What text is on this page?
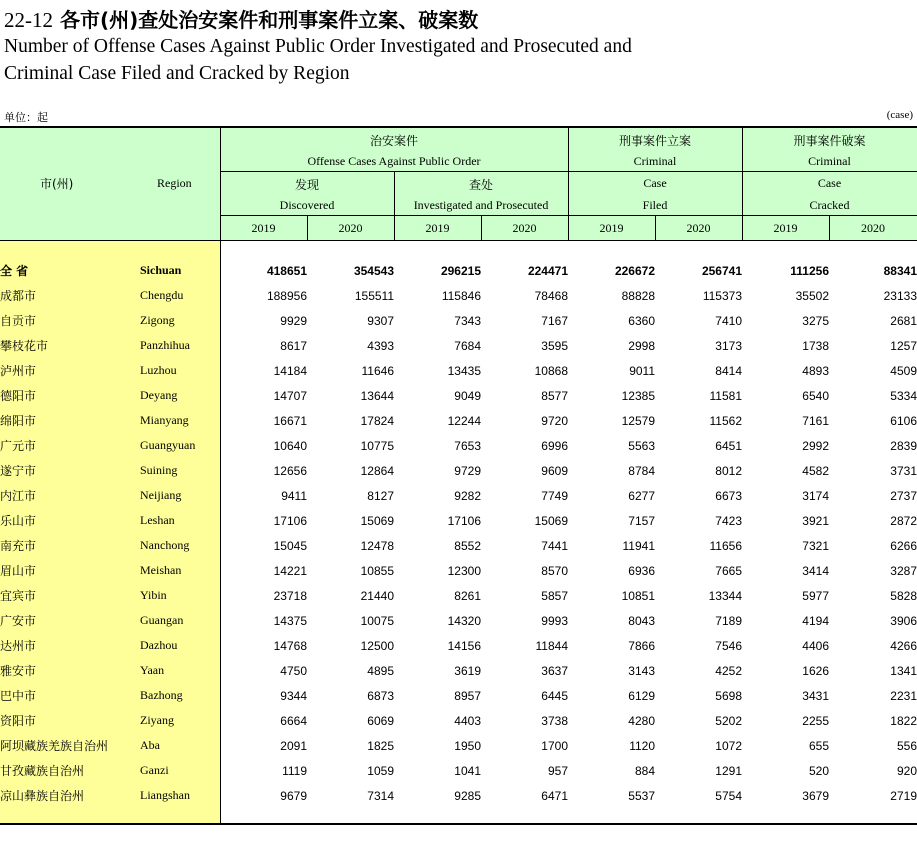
22-12 各市(州)查处治安案件和刑事案件立案、破案数
Number of Offense Cases Against Public Order Investigated and Prosecuted and
Criminal Case Filed and Cracked by Region
单位：起	(case)
市(州)	Region
治安案件
Offense Cases Against Public Order
发现
Discovered
查处
Investigated and Prosecuted
刑事案件立案
Criminal
Case
Filed
刑事案件破案
Criminal
Case
Cracked
2019	2020	2019	2020	2019	2020	2019	2020
全 省	Sichuan	418651	354543	296215	224471	226672	256741	111256	88341
成都市	Chengdu	188956	155511	115846	78468	88828	115373	35502	23133
自贡市	Zigong	9929	9307	7343	7167	6360	7410	3275	2681
攀枝花市	Panzhihua	8617	4393	7684	3595	2998	3173	1738	1257
泸州市	Luzhou	14184	11646	13435	10868	9011	8414	4893	4509
德阳市	Deyang	14707	13644	9049	8577	12385	11581	6540	5334
绵阳市	Mianyang	16671	17824	12244	9720	12579	11562	7161	6106
广元市	Guangyuan	10640	10775	7653	6996	5563	6451	2992	2839
遂宁市	Suining	12656	12864	9729	9609	8784	8012	4582	3731
内江市	Neijiang	9411	8127	9282	7749	6277	6673	3174	2737
乐山市	Leshan	17106	15069	17106	15069	7157	7423	3921	2872
南充市	Nanchong	15045	12478	8552	7441	11941	11656	7321	6266
眉山市	Meishan	14221	10855	12300	8570	6936	7665	3414	3287
宜宾市	Yibin	23718	21440	8261	5857	10851	13344	5977	5828
广安市	Guangan	14375	10075	14320	9993	8043	7189	4194	3906
达州市	Dazhou	14768	12500	14156	11844	7866	7546	4406	4266
雅安市	Yaan	4750	4895	3619	3637	3143	4252	1626	1341
巴中市	Bazhong	9344	6873	8957	6445	6129	5698	3431	2231
资阳市	Ziyang	6664	6069	4403	3738	4280	5202	2255	1822
阿坝藏族羌族自治州	Aba	2091	1825	1950	1700	1120	1072	655	556
甘孜藏族自治州	Ganzi	1119	1059	1041	957	884	1291	520	920
凉山彝族自治州	Liangshan	9679	7314	9285	6471	5537	5754	3679	2719
